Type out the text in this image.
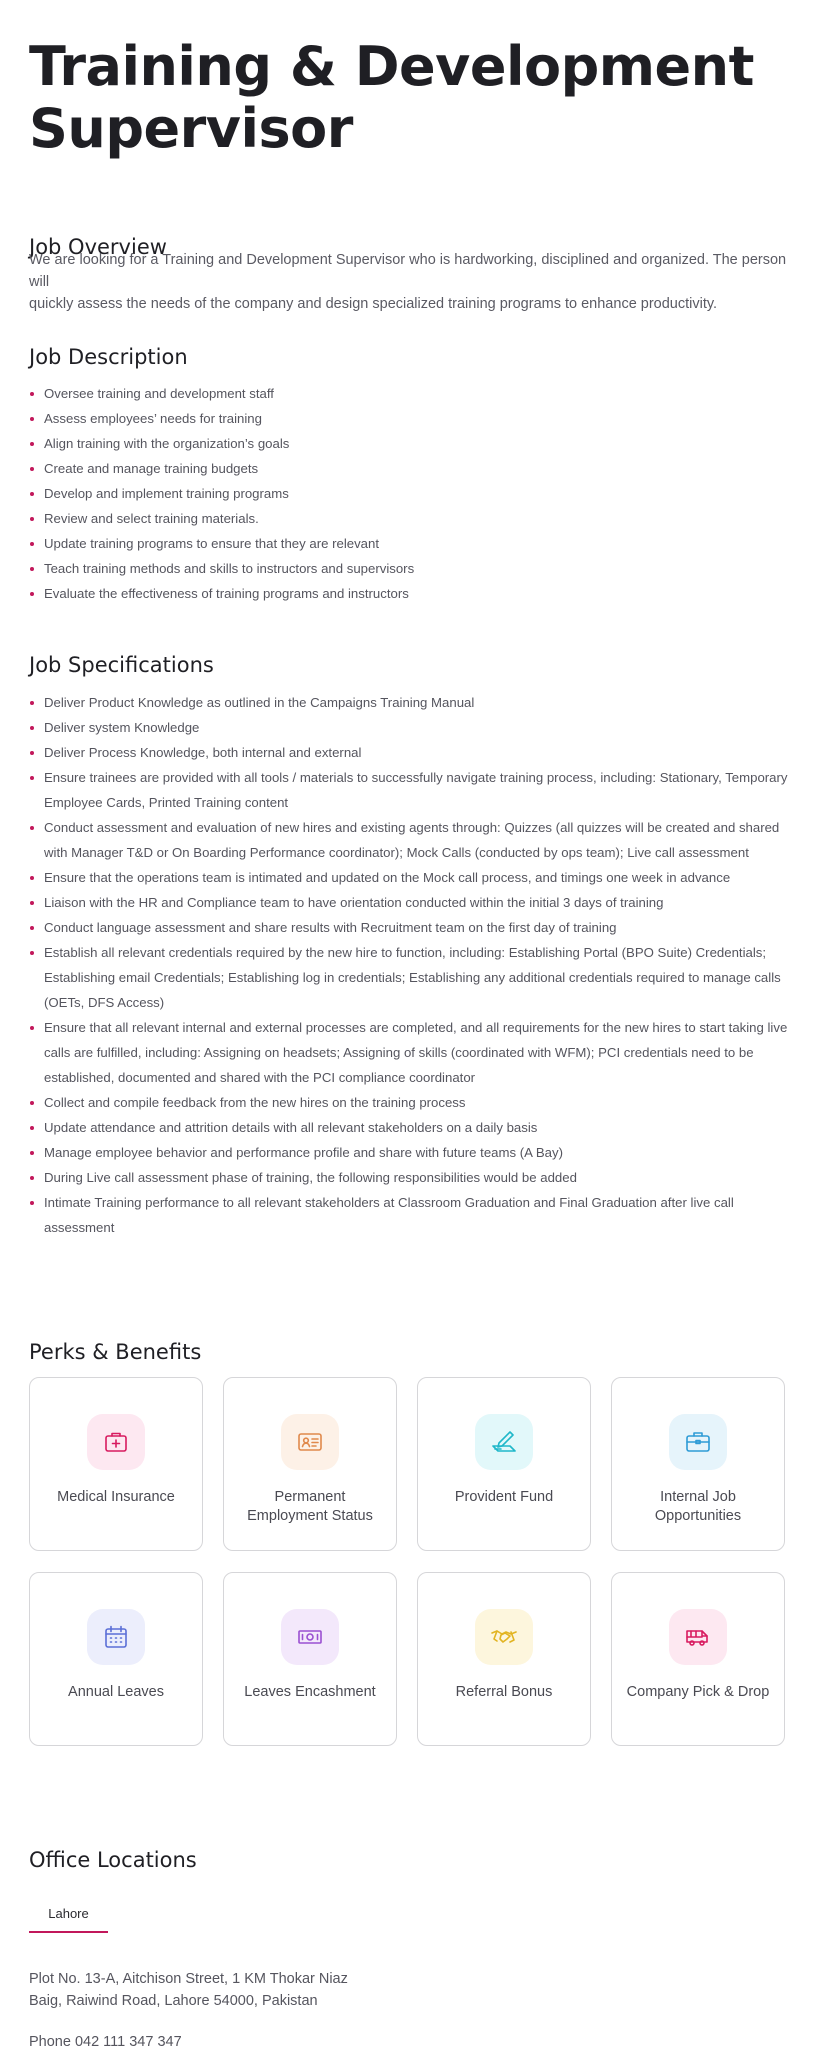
Training & Development Supervisor
Job Overview
We are looking for a Training and Development Supervisor who is hardworking, disciplined and organized. The person will
quickly assess the needs of the company and design specialized training programs to enhance productivity.
Job Description
Oversee training and development staff
Assess employees’ needs for training
Align training with the organization’s goals
Create and manage training budgets
Develop and implement training programs
Review and select training materials.
Update training programs to ensure that they are relevant
Teach training methods and skills to instructors and supervisors
Evaluate the effectiveness of training programs and instructors
Job Specifications
Deliver Product Knowledge as outlined in the Campaigns Training Manual
Deliver system Knowledge
Deliver Process Knowledge, both internal and external
Ensure trainees are provided with all tools / materials to successfully navigate training process, including: Stationary, Temporary Employee Cards, Printed Training content
Conduct assessment and evaluation of new hires and existing agents through: Quizzes (all quizzes will be created and shared with Manager T&D or On Boarding Performance coordinator); Mock Calls (conducted by ops team); Live call assessment
Ensure that the operations team is intimated and updated on the Mock call process, and timings one week in advance
Liaison with the HR and Compliance team to have orientation conducted within the initial 3 days of training
Conduct language assessment and share results with Recruitment team on the first day of training
Establish all relevant credentials required by the new hire to function, including: Establishing Portal (BPO Suite) Credentials; Establishing email Credentials; Establishing log in credentials; Establishing any additional credentials required to manage calls (OETs, DFS Access)
Ensure that all relevant internal and external processes are completed, and all requirements for the new hires to start taking live calls are fulfilled, including: Assigning on headsets; Assigning of skills (coordinated with WFM); PCI credentials need to be established, documented and shared with the PCI compliance coordinator
Collect and compile feedback from the new hires on the training process
Update attendance and attrition details with all relevant stakeholders on a daily basis
Manage employee behavior and performance profile and share with future teams (A Bay)
During Live call assessment phase of training, the following responsibilities would be added
Intimate Training performance to all relevant stakeholders at Classroom Graduation and Final Graduation after live call assessment
Perks & Benefits
Medical Insurance	Permanent Employment Status
Provident Fund	Internal Job Opportunities
Annual Leaves	Leaves Encashment	Referral Bonus	Company Pick & Drop
Office Locations
Lahore
Plot No. 13-A, Aitchison Street, 1 KM Thokar Niaz
Baig, Raiwind Road, Lahore 54000, Pakistan
Phone 042 111 347 347
